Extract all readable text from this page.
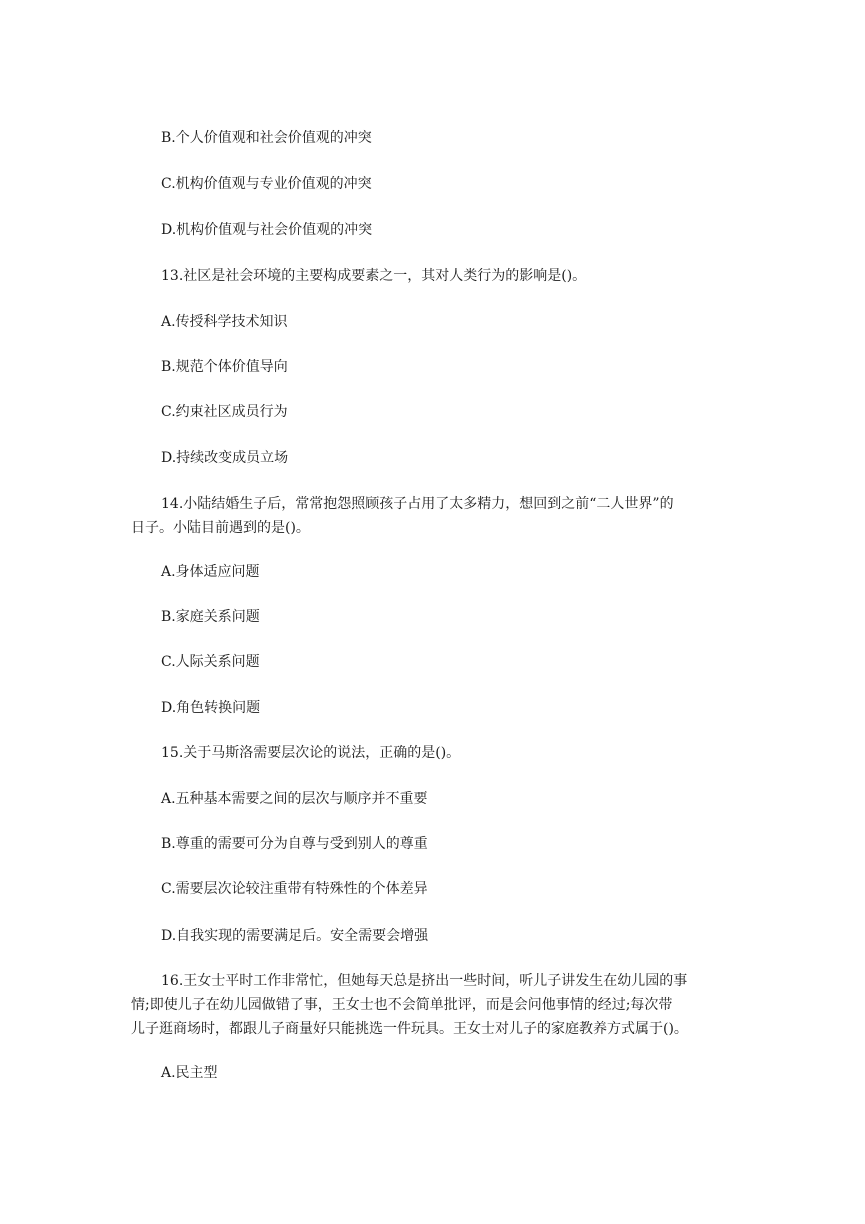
B.个人价值观和社会价值观的冲突
C.机构价值观与专业价值观的冲突
D.机构价值观与社会价值观的冲突
13.社区是社会环境的主要构成要素之一，其对人类行为的影响是()。
A.传授科学技术知识
B.规范个体价值导向
C.约束社区成员行为
D.持续改变成员立场
14.小陆结婚生子后，常常抱怨照顾孩子占用了太多精力，想回到之前“二人世界”的
日子。小陆目前遇到的是()。
A.身体适应问题
B.家庭关系问题
C.人际关系问题
D.角色转换问题
15.关于马斯洛需要层次论的说法，正确的是()。
A.五种基本需要之间的层次与顺序并不重要
B.尊重的需要可分为自尊与受到别人的尊重
C.需要层次论较注重带有特殊性的个体差异
D.自我实现的需要满足后。安全需要会增强
16.王女士平时工作非常忙，但她每天总是挤出一些时间，听儿子讲发生在幼儿园的事
情;即使儿子在幼儿园做错了事，王女士也不会简单批评，而是会问他事情的经过;每次带
儿子逛商场时，都跟儿子商量好只能挑选一件玩具。王女士对儿子的家庭教养方式属于()。
A.民主型
